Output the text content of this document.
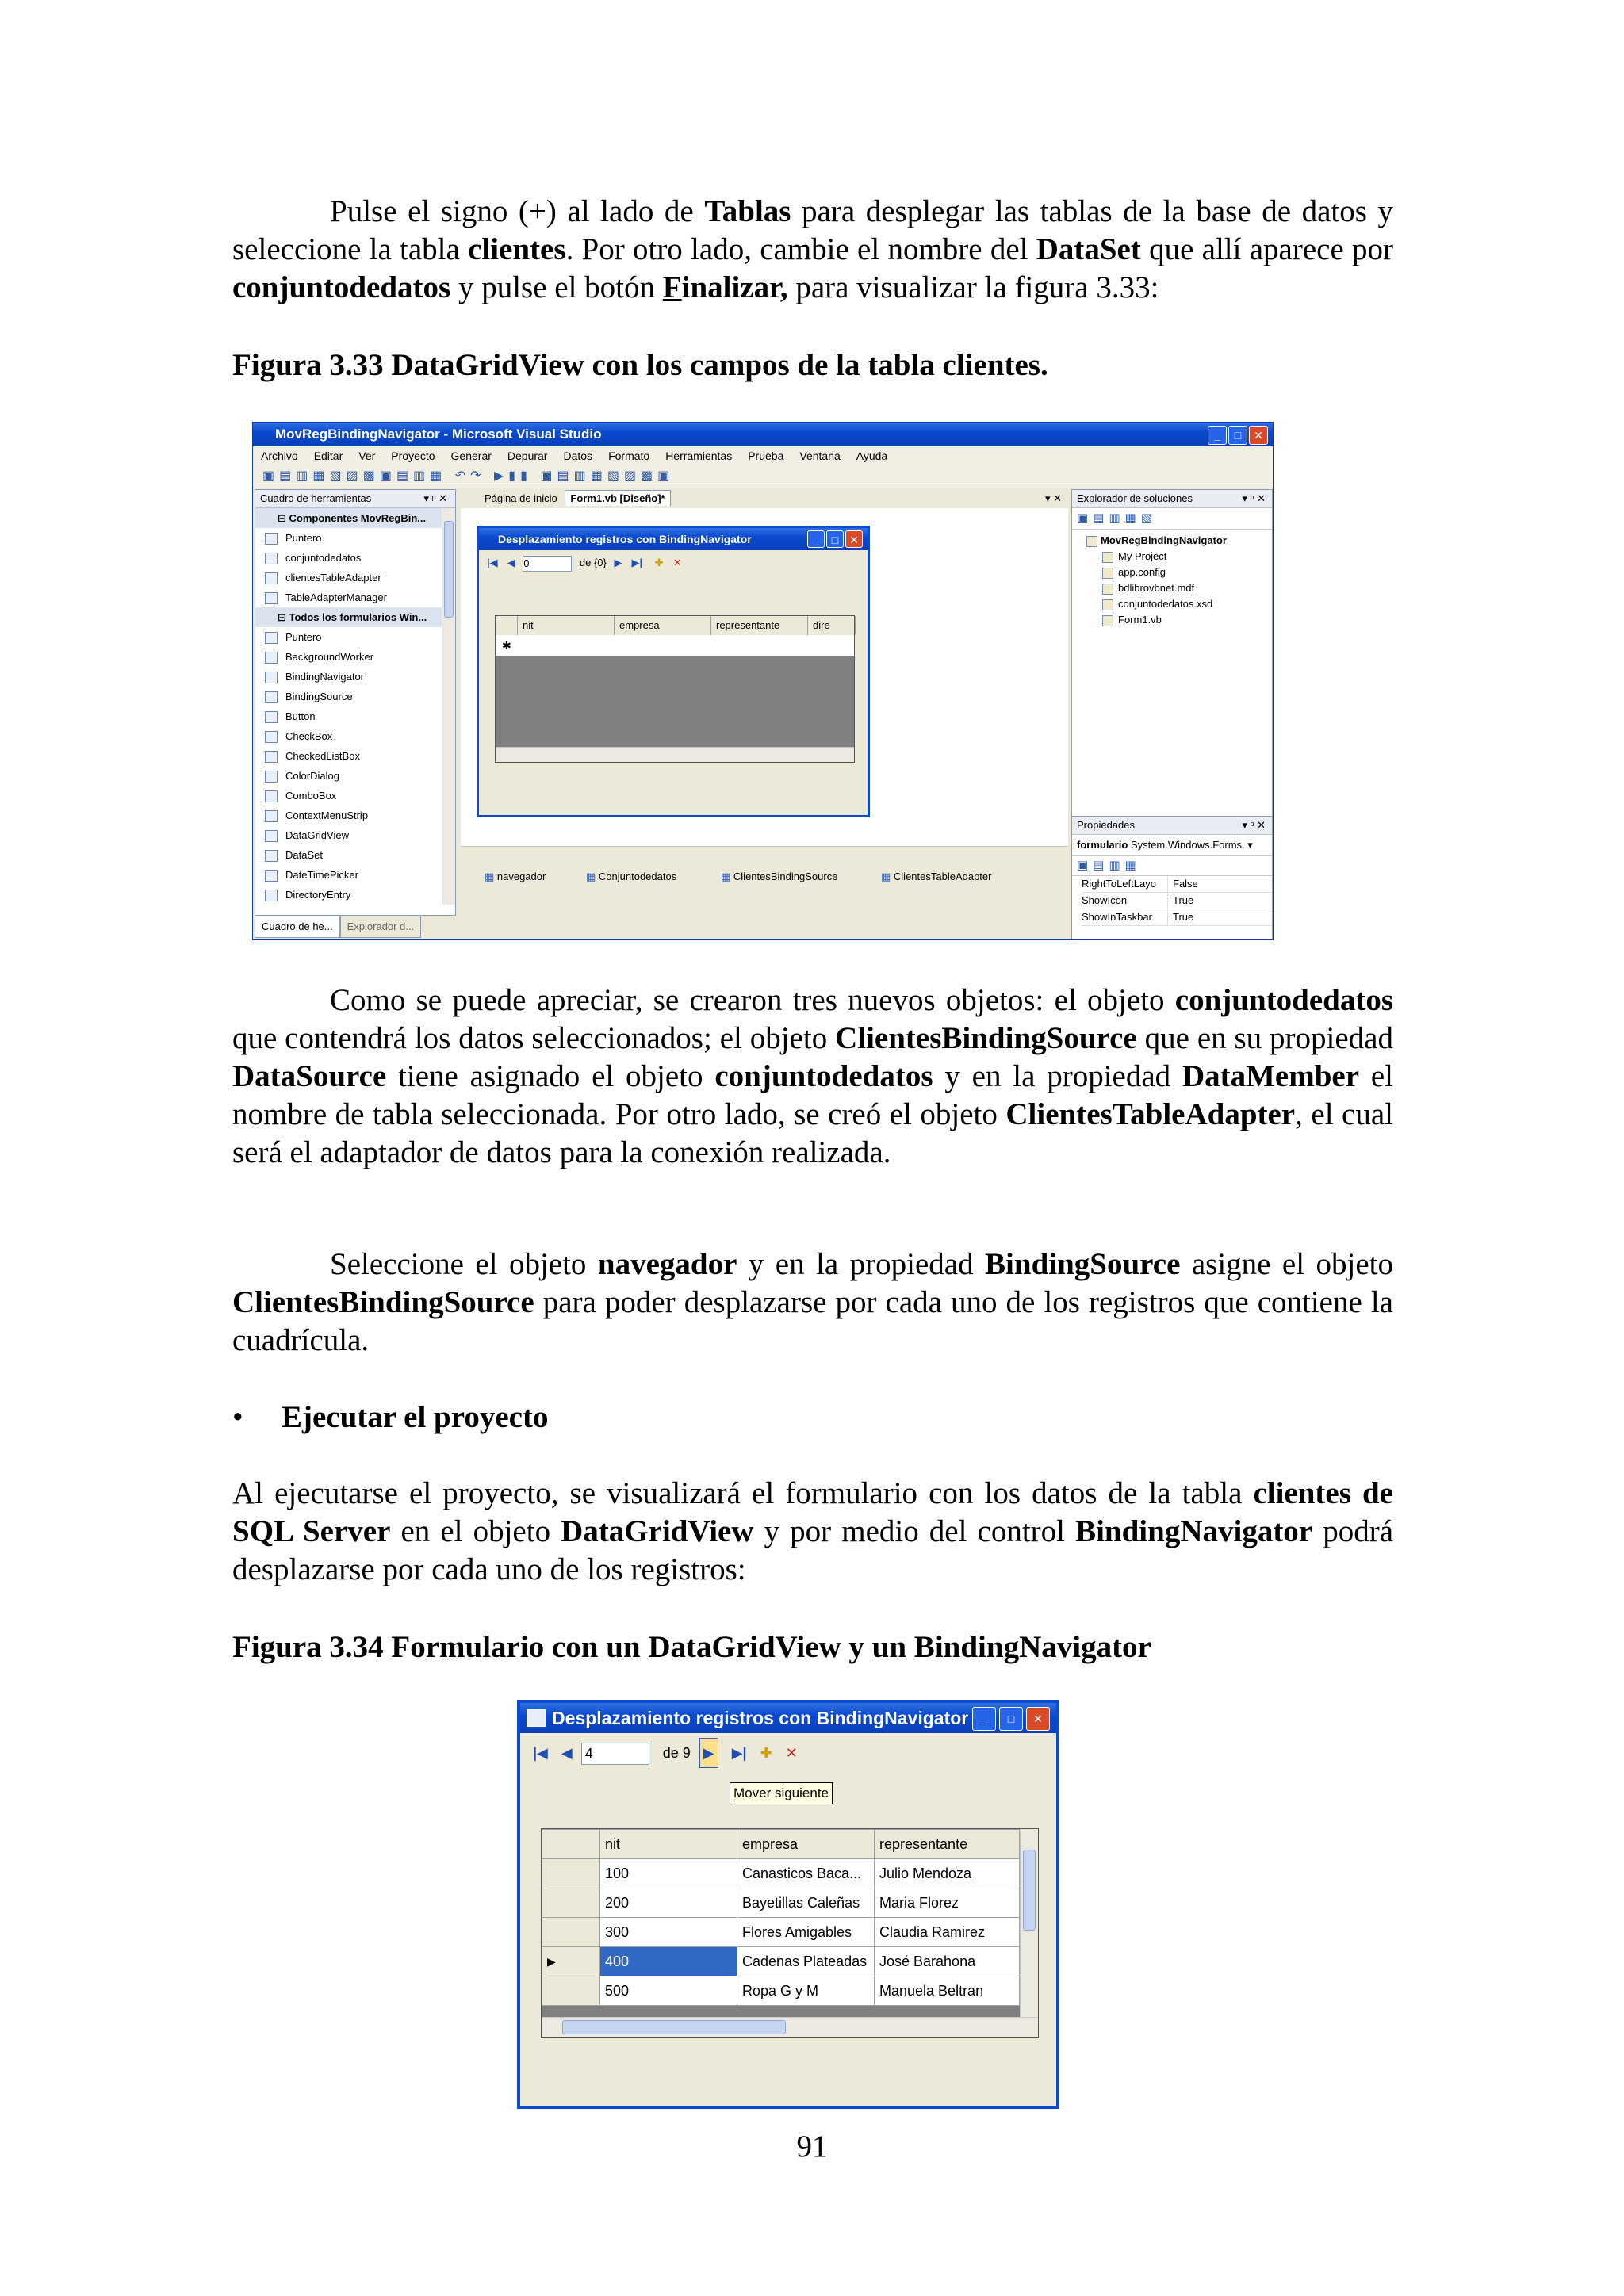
Pulse el signo (+) al lado de Tablas para desplegar las tablas de la base de datos y seleccione la tabla clientes. Por otro lado, cambie el nombre del DataSet que allí aparece por conjuntodedatos y pulse el botón Finalizar, para visualizar la figura 3.33:
Figura 3.33 DataGridView con los campos de la tabla clientes.
MovRegBindingNavigator - Microsoft Visual Studio	_	□	✕
Archivo Editar Ver Proyecto Generar Depurar Datos Formato Herramientas Prueba Ventana Ayuda
▣▤▥▦▧▨▩▣▤▥▦ ↶↷ ▶▮▮ ▣▤▥▦▧▨▩▣
Cuadro de herramientas	▾ ᵖ ✕
⊟ Componentes MovRegBin...
Puntero
conjuntodedatos
clientesTableAdapter
TableAdapterManager
⊟ Todos los formularios Win...
Puntero
BackgroundWorker
BindingNavigator
BindingSource
Button
CheckBox
CheckedListBox
ColorDialog
ComboBox
ContextMenuStrip
DataGridView
DataSet
DateTimePicker
DirectoryEntry
Cuadro de he... Explorador d...
Página de inicio Form1.vb [Diseño]*	▾ ✕
Desplazamiento registros con BindingNavigator	_	□ ✕
|◀ ◀ 0	de {0} ▶ ▶| ✚ ✕
nit	empresa	representante	dire
✱
▦ navegador	▦ Conjuntodedatos	▦ ClientesBindingSource	▦ ClientesTableAdapter
Explorador de soluciones	▾ ᵖ ✕
▣▤▥▦▧
MovRegBindingNavigator
My Project
app.config
bdlibrovbnet.mdf
conjuntodedatos.xsd
Form1.vb
Propiedades	▾ ᵖ ✕
formulario System.Windows.Forms. ▾
▣▤▥▦
RightToLeftLayo False
ShowIcon	True
ShowInTaskbar True
Como se puede apreciar, se crearon tres nuevos objetos: el objeto conjuntodedatos que contendrá los datos seleccionados; el objeto ClientesBindingSource que en su propiedad DataSource tiene asignado el objeto conjuntodedatos y en la propiedad DataMember el nombre de tabla seleccionada. Por otro lado, se creó el objeto ClientesTableAdapter, el cual será el adaptador de datos para la conexión realizada.
Seleccione el objeto navegador y en la propiedad BindingSource asigne el objeto ClientesBindingSource para poder desplazarse por cada uno de los registros que contiene la cuadrícula.
• Ejecutar el proyecto
Al ejecutarse el proyecto, se visualizará el formulario con los datos de la tabla clientes de SQL Server en el objeto DataGridView y por medio del control BindingNavigator podrá desplazarse por cada uno de los registros:
Figura 3.34 Formulario con un DataGridView y un BindingNavigator
Desplazamiento registros con BindingNavigator	_	□	✕
|◀ ◀ 4	de 9 ▶ ▶| ✚ ✕
Mover siguiente
	nit	empresa	representante
	100	Canasticos Baca...	Julio Mendoza
	200	Bayetillas Caleñas	Maria Florez
	300	Flores Amigables	Claudia Ramirez
▶	400	Cadenas Plateadas	José Barahona
	500	Ropa G y M	Manuela Beltran
91
